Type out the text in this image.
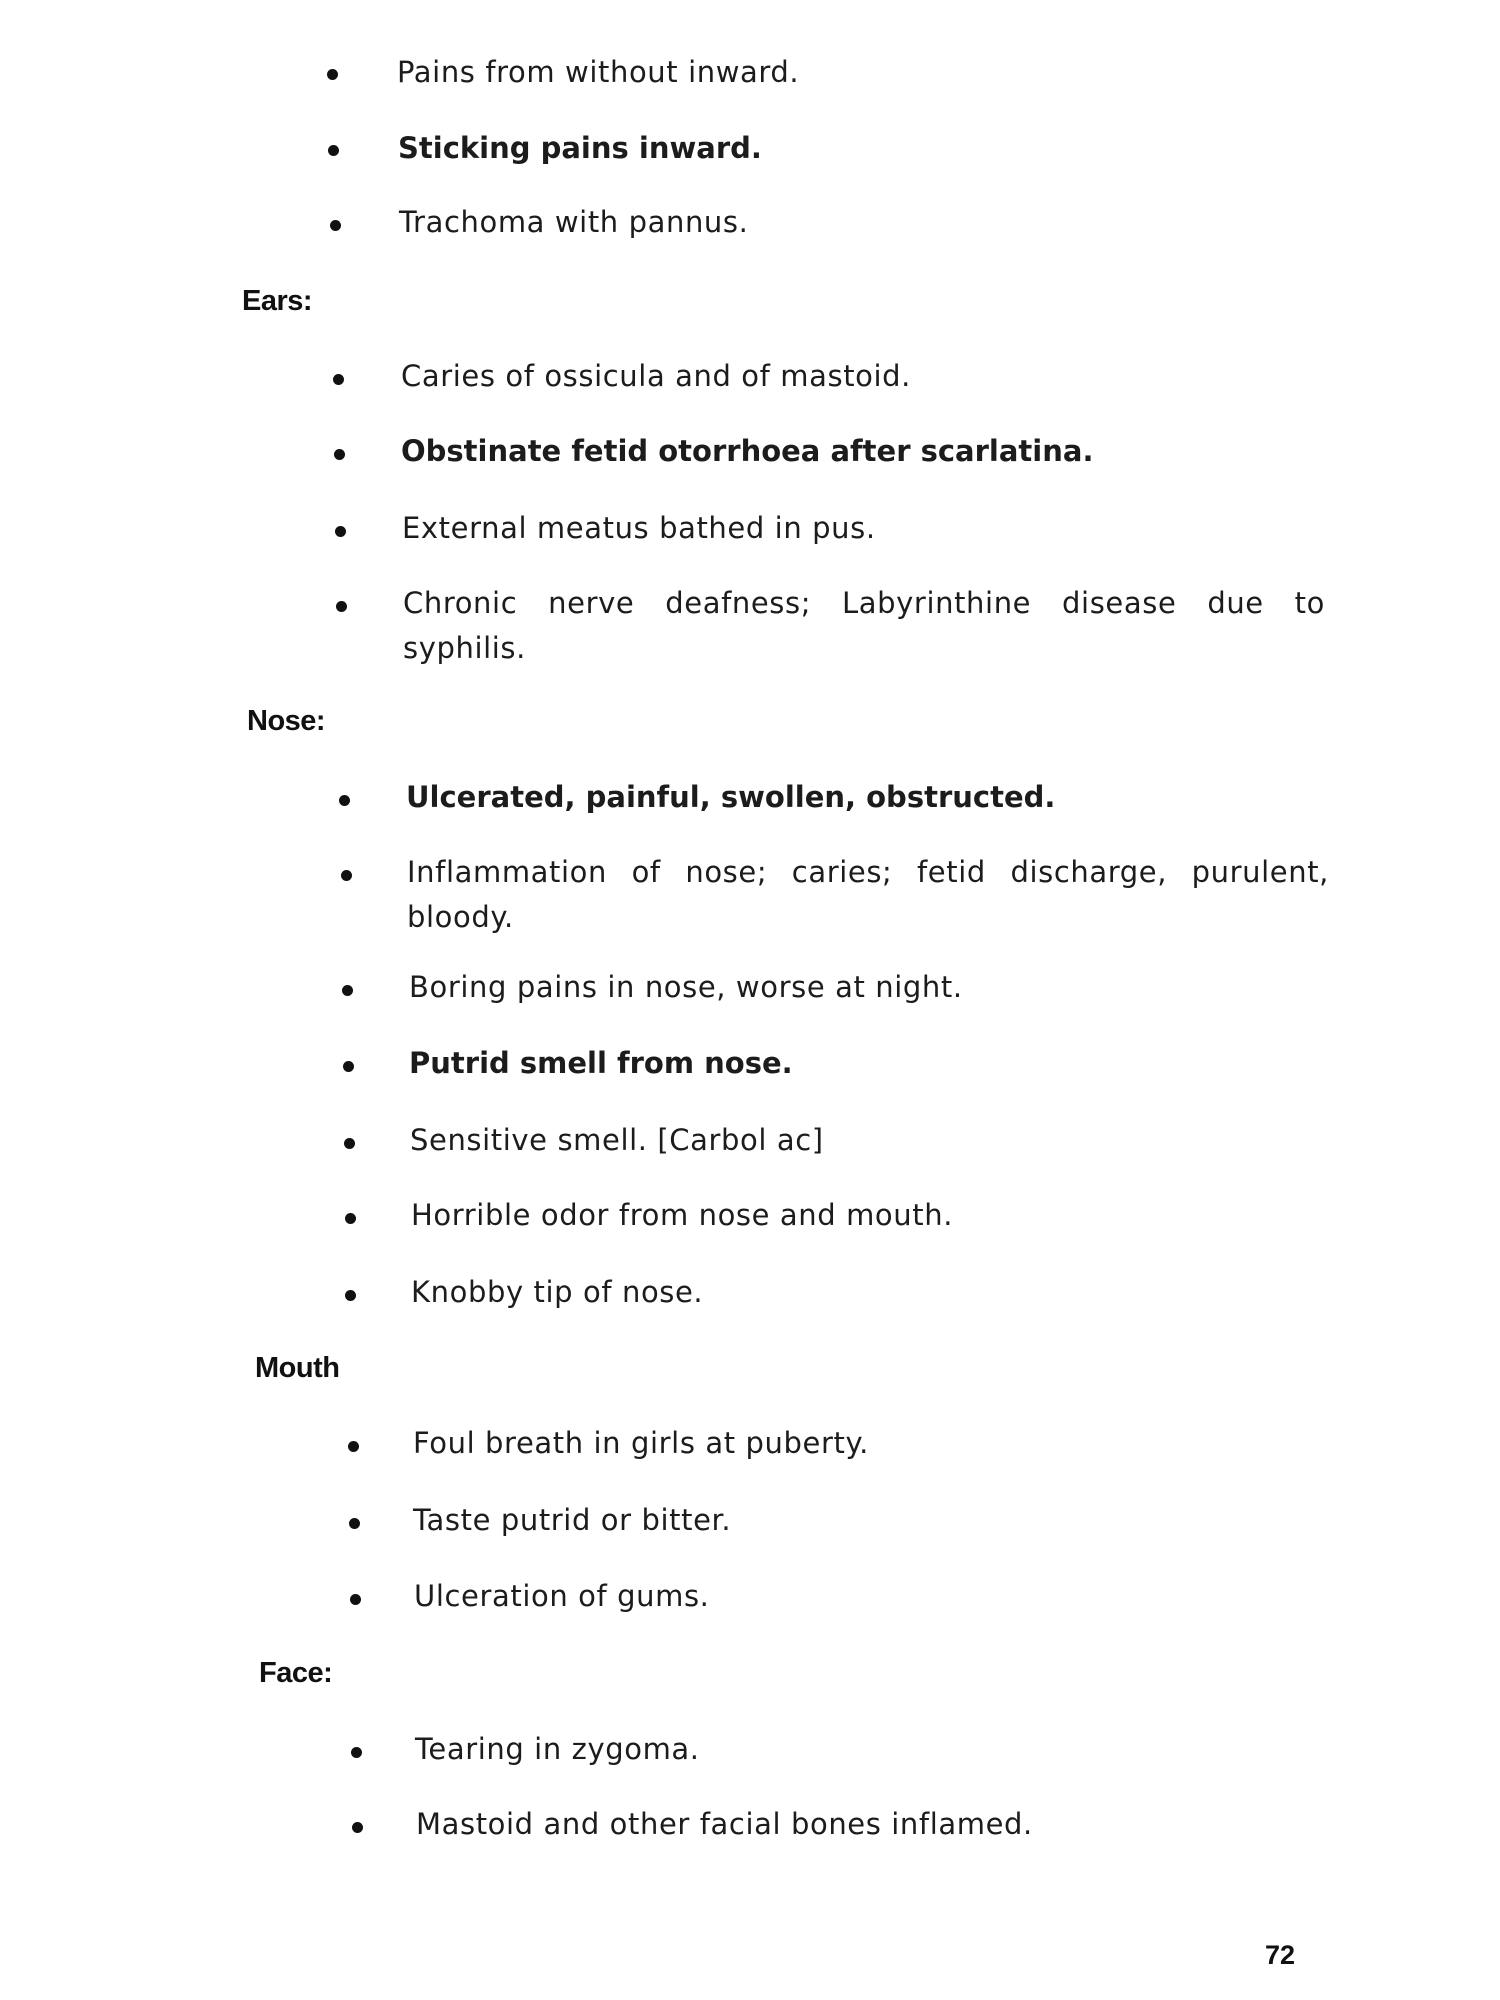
Pains from without inward.
Sticking pains inward.
Trachoma with pannus.
Ears:
Caries of ossicula and of mastoid.
Obstinate fetid otorrhoea after scarlatina.
External meatus bathed in pus.
Chronic nerve deafness; Labyrinthine disease due to syphilis.
Nose:
Ulcerated, painful, swollen, obstructed.
Inflammation of nose; caries; fetid discharge, purulent, bloody.
Boring pains in nose, worse at night.
Putrid smell from nose.
Sensitive smell. [Carbol ac]
Horrible odor from nose and mouth.
Knobby tip of nose.
Mouth
Foul breath in girls at puberty.
Taste putrid or bitter.
Ulceration of gums.
Face:
Tearing in zygoma.
Mastoid and other facial bones inflamed.
72
